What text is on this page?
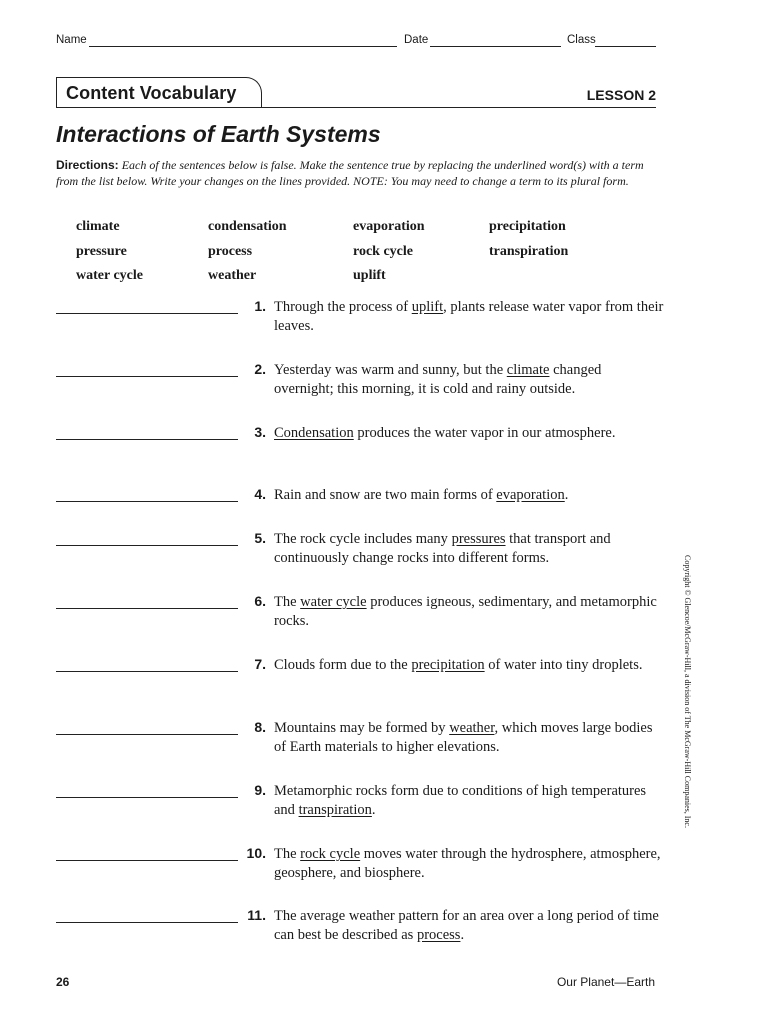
Name	Date	Class
Content Vocabulary	LESSON 2
Interactions of Earth Systems
Directions: Each of the sentences below is false. Make the sentence true by replacing the underlined word(s) with a term from the list below. Write your changes on the lines provided. NOTE: You may need to change a term to its plural form.
climate	condensation	evaporation	precipitation
pressure	process	rock cycle	transpiration
water cycle	weather	uplift
1. Through the process of uplift, plants release water vapor from their leaves.
2. Yesterday was warm and sunny, but the climate changed overnight; this morning, it is cold and rainy outside.
3. Condensation produces the water vapor in our atmosphere.
4. Rain and snow are two main forms of evaporation.
5. The rock cycle includes many pressures that transport and continuously change rocks into different forms.
6. The water cycle produces igneous, sedimentary, and metamorphic rocks.
7. Clouds form due to the precipitation of water into tiny droplets.
8. Mountains may be formed by weather, which moves large bodies of Earth materials to higher elevations.
9. Metamorphic rocks form due to conditions of high temperatures and transpiration.
10. The rock cycle moves water through the hydrosphere, atmosphere, geosphere, and biosphere.
11. The average weather pattern for an area over a long period of time can best be described as process.
26	Our Planet—Earth
Copyright © Glencoe/McGraw-Hill, a division of The McGraw-Hill Companies, Inc.
